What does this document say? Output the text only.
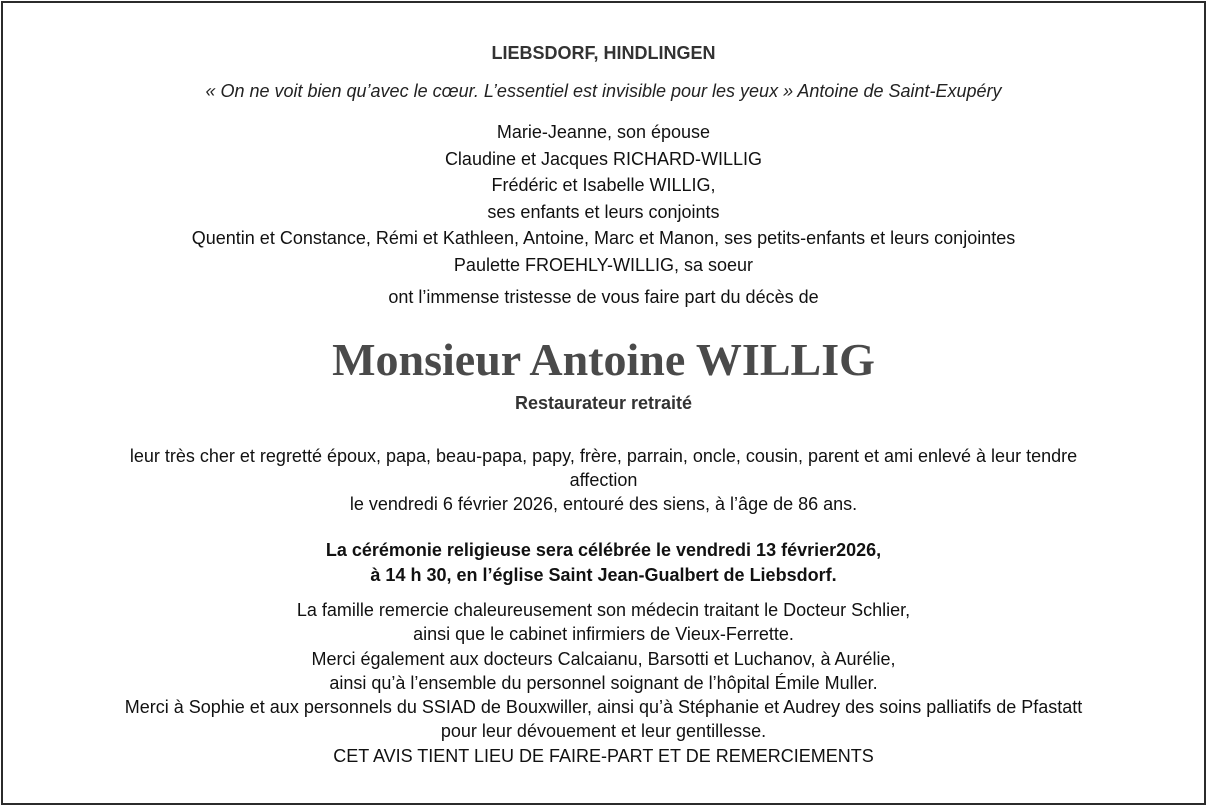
LIEBSDORF, HINDLINGEN
« On ne voit bien qu’avec le cœur. L’essentiel est invisible pour les yeux » Antoine de Saint-Exupéry
Marie-Jeanne, son épouse
Claudine et Jacques RICHARD-WILLIG
Frédéric et Isabelle WILLIG,
ses enfants et leurs conjoints
Quentin et Constance, Rémi et Kathleen, Antoine, Marc et Manon, ses petits-enfants et leurs conjointes
Paulette FROEHLY-WILLIG, sa soeur
ont l’immense tristesse de vous faire part du décès de
Monsieur Antoine WILLIG
Restaurateur retraité
leur très cher et regretté époux, papa, beau-papa, papy, frère, parrain, oncle, cousin, parent et ami enlevé à leur tendre
affection
le vendredi 6 février 2026, entouré des siens, à l’âge de 86 ans.
La cérémonie religieuse sera célébrée le vendredi 13 février2026,
à 14 h 30, en l’église Saint Jean-Gualbert de Liebsdorf.
La famille remercie chaleureusement son médecin traitant le Docteur Schlier,
ainsi que le cabinet infirmiers de Vieux-Ferrette.
Merci également aux docteurs Calcaianu, Barsotti et Luchanov, à Aurélie,
ainsi qu’à l’ensemble du personnel soignant de l’hôpital Émile Muller.
Merci à Sophie et aux personnels du SSIAD de Bouxwiller, ainsi qu’à Stéphanie et Audrey des soins palliatifs de Pfastatt
pour leur dévouement et leur gentillesse.
CET AVIS TIENT LIEU DE FAIRE-PART ET DE REMERCIEMENTS
